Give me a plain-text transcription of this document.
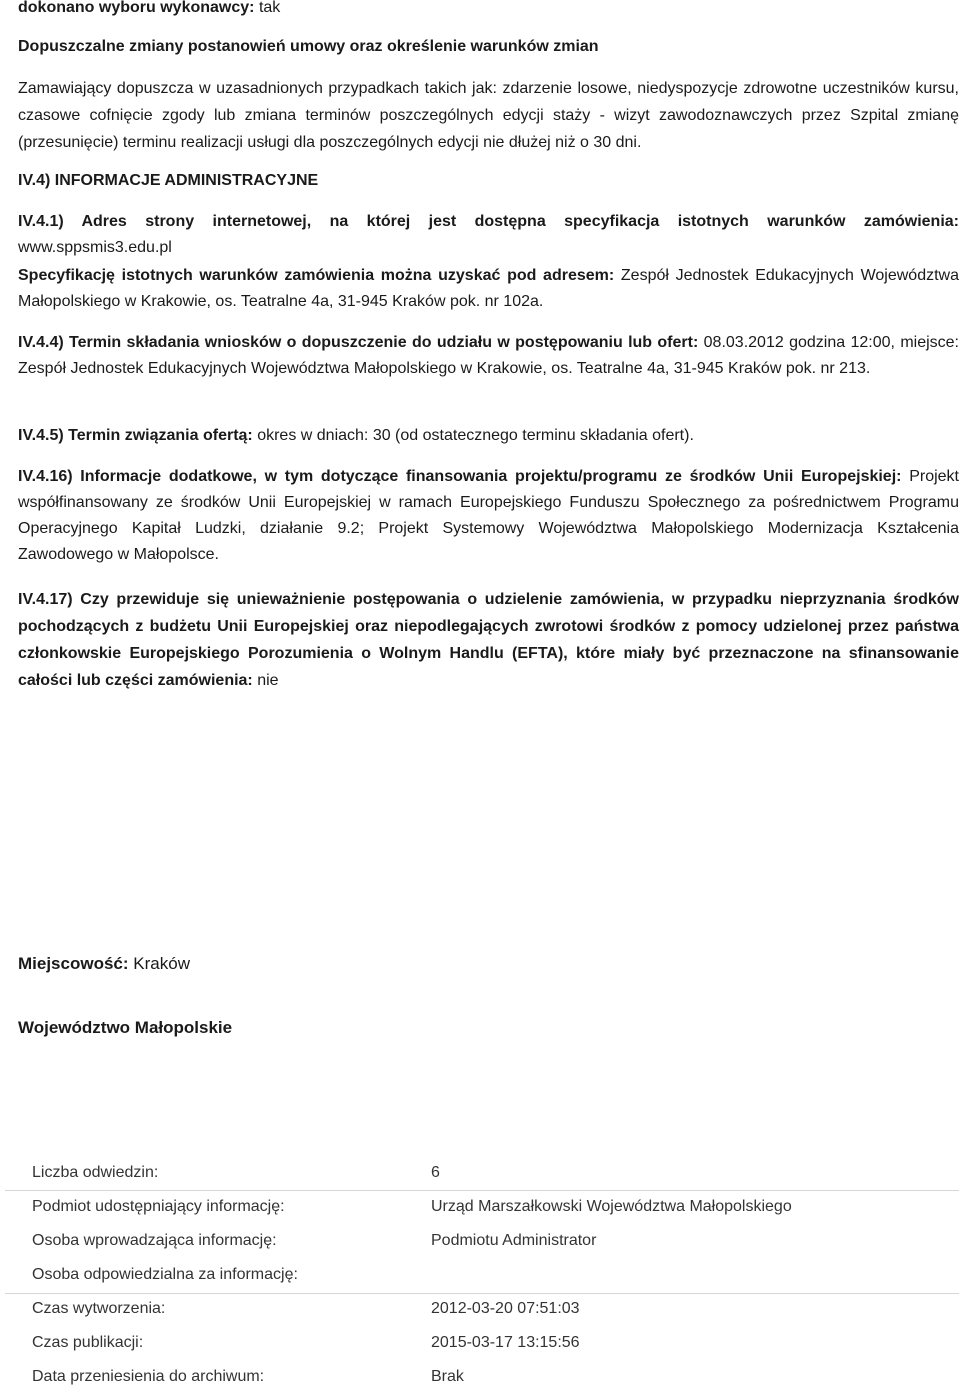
dokonano wyboru wykonawcy: tak

Dopuszczalne zmiany postanowień umowy oraz określenie warunków zmian

Zamawiający dopuszcza w uzasadnionych przypadkach takich jak: zdarzenie losowe, niedyspozycje zdrowotne uczestników kursu, czasowe cofnięcie zgody lub zmiana terminów poszczególnych edycji staży - wizyt zawodoznawczych przez Szpital zmianę (przesunięcie) terminu realizacji usługi dla poszczególnych edycji nie dłużej niż o 30 dni.

IV.4) INFORMACJE ADMINISTRACYJNE

IV.4.1) Adres strony internetowej, na której jest dostępna specyfikacja istotnych warunków zamówienia: www.sppsmis3.edu.pl

Specyfikację istotnych warunków zamówienia można uzyskać pod adresem: Zespół Jednostek Edukacyjnych Województwa Małopolskiego w Krakowie, os. Teatralne 4a, 31-945 Kraków pok. nr 102a.

IV.4.4) Termin składania wniosków o dopuszczenie do udziału w postępowaniu lub ofert: 08.03.2012 godzina 12:00, miejsce: Zespół Jednostek Edukacyjnych Województwa Małopolskiego w Krakowie, os. Teatralne 4a, 31-945 Kraków pok. nr 213.

IV.4.5) Termin związania ofertą: okres w dniach: 30 (od ostatecznego terminu składania ofert).

IV.4.16) Informacje dodatkowe, w tym dotyczące finansowania projektu/programu ze środków Unii Europejskiej: Projekt współfinansowany ze środków Unii Europejskiej w ramach Europejskiego Funduszu Społecznego za pośrednictwem Programu Operacyjnego Kapitał Ludzki, działanie 9.2; Projekt Systemowy Województwa Małopolskiego Modernizacja Kształcenia Zawodowego w Małopolsce.

IV.4.17) Czy przewiduje się unieważnienie postępowania o udzielenie zamówienia, w przypadku nieprzyznania środków pochodzących z budżetu Unii Europejskiej oraz niepodlegających zwrotowi środków z pomocy udzielonej przez państwa członkowskie Europejskiego Porozumienia o Wolnym Handlu (EFTA), które miały być przeznaczone na sfinansowanie całości lub części zamówienia: nie

Miejscowość: Kraków

Województwo Małopolskie

Liczba odwiedzin:	6
Podmiot udostępniający informację:	Urząd Marszałkowski Województwa Małopolskiego
Osoba wprowadzająca informację:	Podmiotu Administrator
Osoba odpowiedzialna za informację:
Czas wytworzenia:	2012-03-20 07:51:03
Czas publikacji:	2015-03-17 13:15:56
Data przeniesienia do archiwum:	Brak
